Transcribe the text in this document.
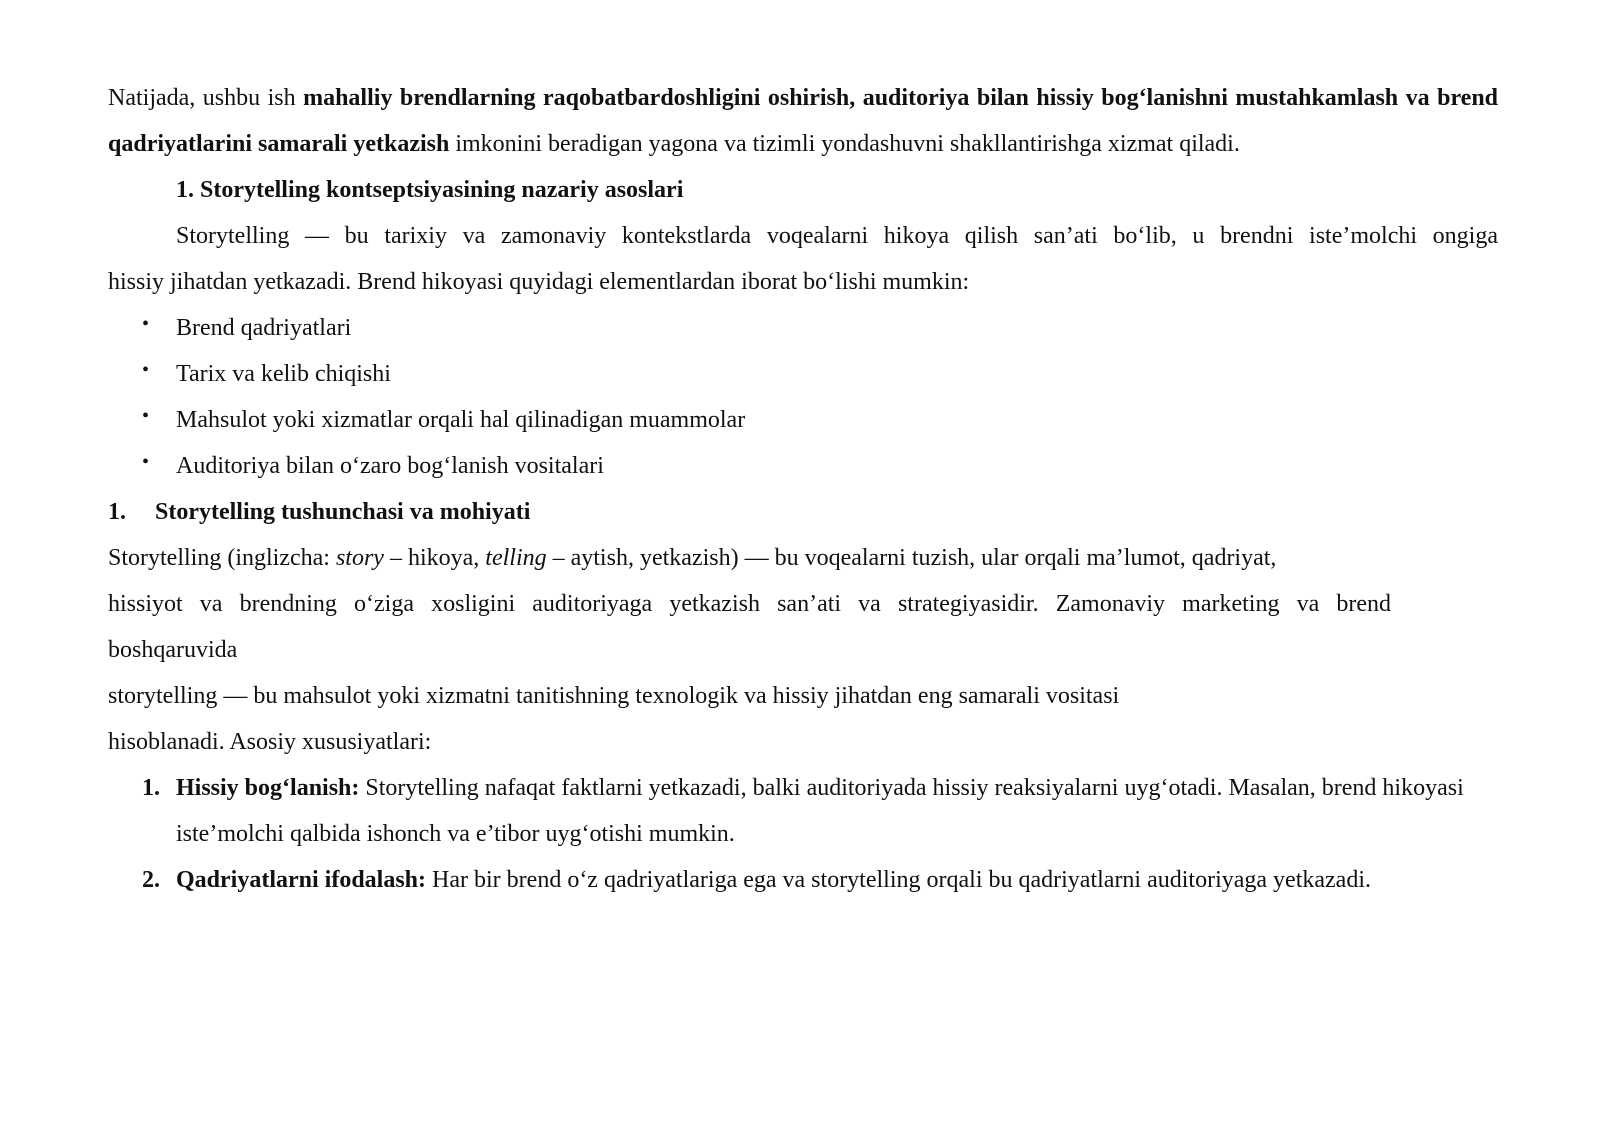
Natijada, ushbu ish mahalliy brendlarning raqobatbardoshligini oshirish, auditoriya bilan hissiy bog‘lanishni mustahkamlash va brend qadriyatlarini samarali yetkazish imkonini beradigan yagona va tizimli yondashuvni shakllantirishga xizmat qiladi.

1. Storytelling kontseptsiyasining nazariy asoslari
Storytelling — bu tarixiy va zamonaviy kontekstlarda voqealarni hikoya qilish san’ati bo‘lib, u brendni iste’molchi ongiga
hissiy jihatdan yetkazadi. Brend hikoyasi quyidagi elementlardan iborat bo‘lishi mumkin:
• Brend qadriyatlari
• Tarix va kelib chiqishi
• Mahsulot yoki xizmatlar orqali hal qilinadigan muammolar
• Auditoriya bilan o‘zaro bog‘lanish vositalari
1. Storytelling tushunchasi va mohiyati
Storytelling (inglizcha: story – hikoya, telling – aytish, yetkazish) — bu voqealarni tuzish, ular orqali ma’lumot, qadriyat,
hissiyot va brendning o‘ziga xosligini auditoriyaga yetkazish san’ati va strategiyasidir. Zamonaviy marketing va brend
boshqaruvida
storytelling — bu mahsulot yoki xizmatni tanitishning texnologik va hissiy jihatdan eng samarali vositasi
hisoblanadi. Asosiy xususiyatlari:
1. Hissiy bog‘lanish: Storytelling nafaqat faktlarni yetkazadi, balki auditoriyada hissiy reaksiyalarni uyg‘otadi. Masalan, brend hikoyasi iste’molchi qalbida ishonch va e’tibor uyg‘otishi mumkin.
2. Qadriyatlarni ifodalash: Har bir brend o‘z qadriyatlariga ega va storytelling orqali bu qadriyatlarni auditoriyaga yetkazadi.
